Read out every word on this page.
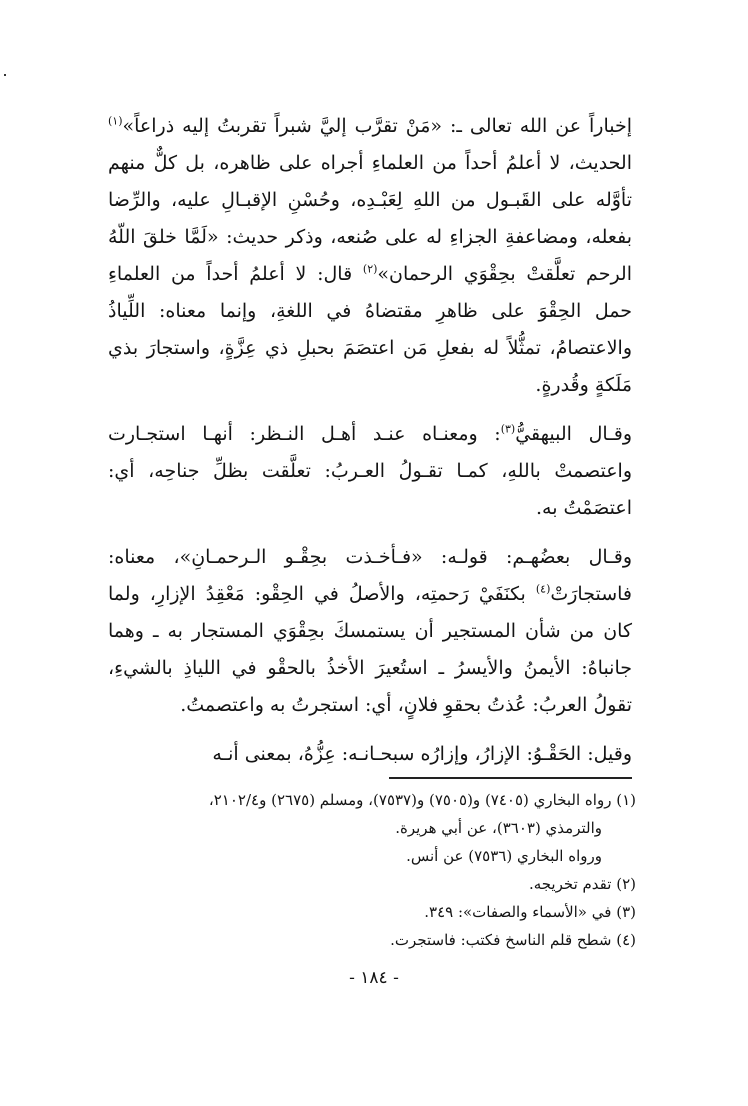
إخباراً عن الله تعالى ـ: «مَنْ تقرَّب إليَّ شبراً تقربتُ إليه ذراعاً»$^{(١)}$ الحديث، لا أعلمُ أحداً من العلماءِ أجراه على ظاهره، بل كلٌّ منهم تأوَّله على القَبـول من اللهِ لِعَبْـدِه، وحُسْنِ الإقبـالِ عليه، والرِّضا بفعله، ومضاعفةِ الجزاءِ له على صُنعه، وذكر حديث: «لَمَّا خلقَ اللّهُ الرحم تعلَّقتْ بحِقْوَي الرحمان»$^{(٢)}$ قال: لا أعلمُ أحداً من العلماءِ حمل الحِقْوَ على ظاهرِ مقتضاهُ في اللغةِ، وإنما معناه: اللِّياذُ والاعتصامُ، تمثُّلاً له بفعلِ مَن اعتصَمَ بحبلِ ذي عِزَّةٍ، واستجارَ بذي مَلَكةٍ وقُدرةٍ.

وقـال البيهقيُّ$^{(٣)}$: ومعنـاه عنـد أهـل النـظر: أنهـا استجـارت واعتصمتْ باللهِ، كمـا تقـولُ العـربُ: تعلَّقت بظلِّ جناحِه، أي: اعتصَمْتُ به.

وقـال بعضُهـم: قولـه: «فـأخـذت بحِقْـو الـرحمـانِ»، معناه: فاستجارَتْ$^{(٤)}$ بكنَفَيْ رَحمتِه، والأصلُ في الحِقْو: مَعْقِدُ الإزارِ، ولما كان من شأن المستجير أن يستمسكَ بحِقْوَي المستجار به ـ وهما جانباهُ: الأيمنُ والأيسرُ ـ استُعيرَ الأخذُ بالحقْو في اللياذِ بالشيءِ، تقولُ العربُ: عُذتُ بحقوِ فلانٍ، أي: استجرتُ به واعتصمتُ.

وقيل: الحَقْـوُ: الإزارُ، وإزارُه سبحـانـه: عِزُّهُ، بمعنى أنـه

(١) رواه البخاري (٧٤٠٥) و(٧٥٠٥) و(٧٥٣٧)، ومسلم (٢٦٧٥) و٢١٠٢/٤،
والترمذي (٣٦٠٣)، عن أبي هريرة.
ورواه البخاري (٧٥٣٦) عن أنس.

(٢) تقدم تخريجه.

(٣) في «الأسماء والصفات»: ٣٤٩.

(٤) شطح قلم الناسخ فكتب: فاستجرت.

- ١٨٤ -
